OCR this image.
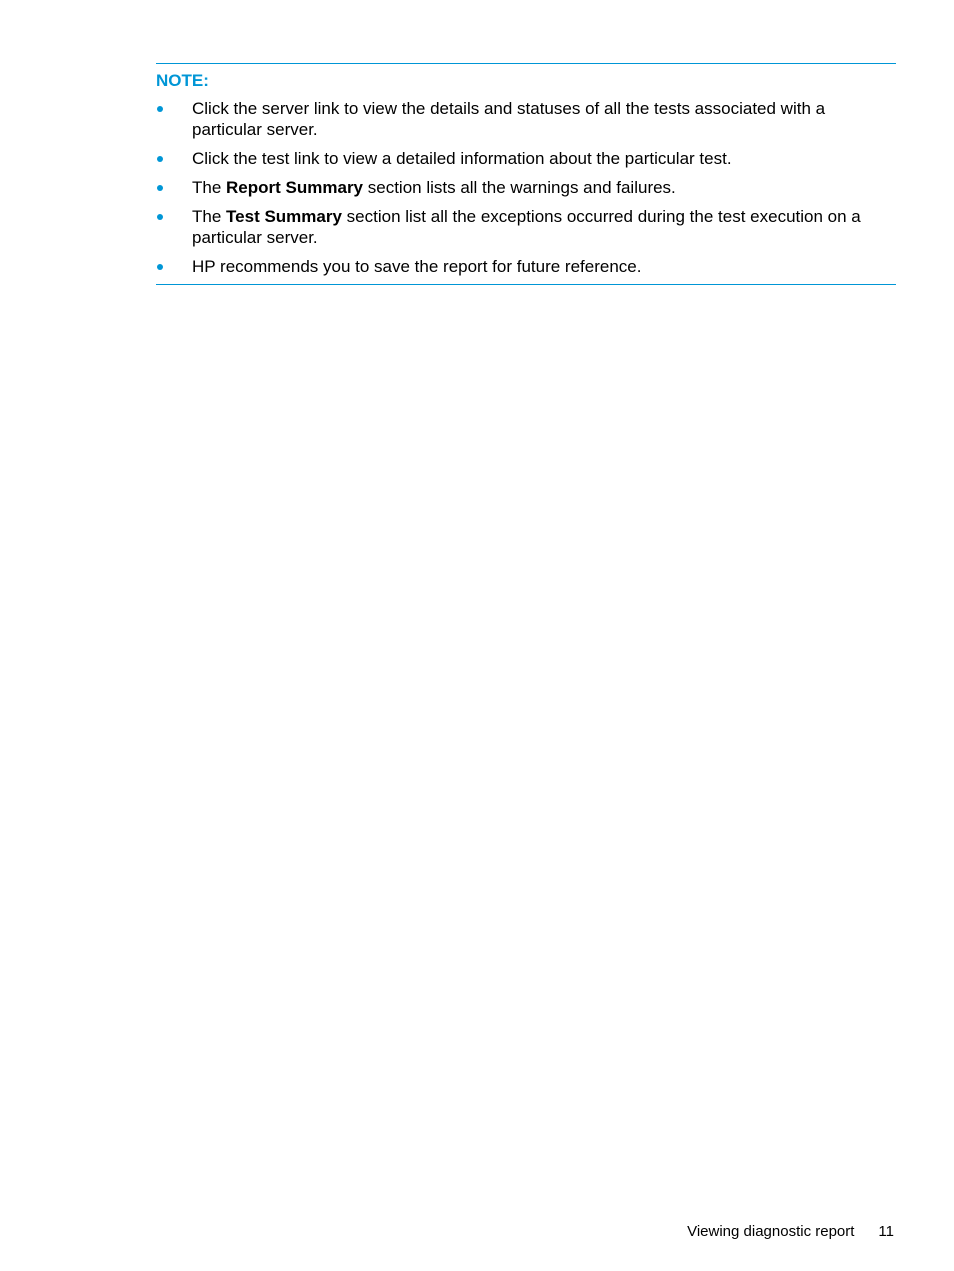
NOTE:
Click the server link to view the details and statuses of all the tests associated with a particular server.
Click the test link to view a detailed information about the particular test.
The Report Summary section lists all the warnings and failures.
The Test Summary section list all the exceptions occurred during the test execution on a particular server.
HP recommends you to save the report for future reference.
Viewing diagnostic report 11
